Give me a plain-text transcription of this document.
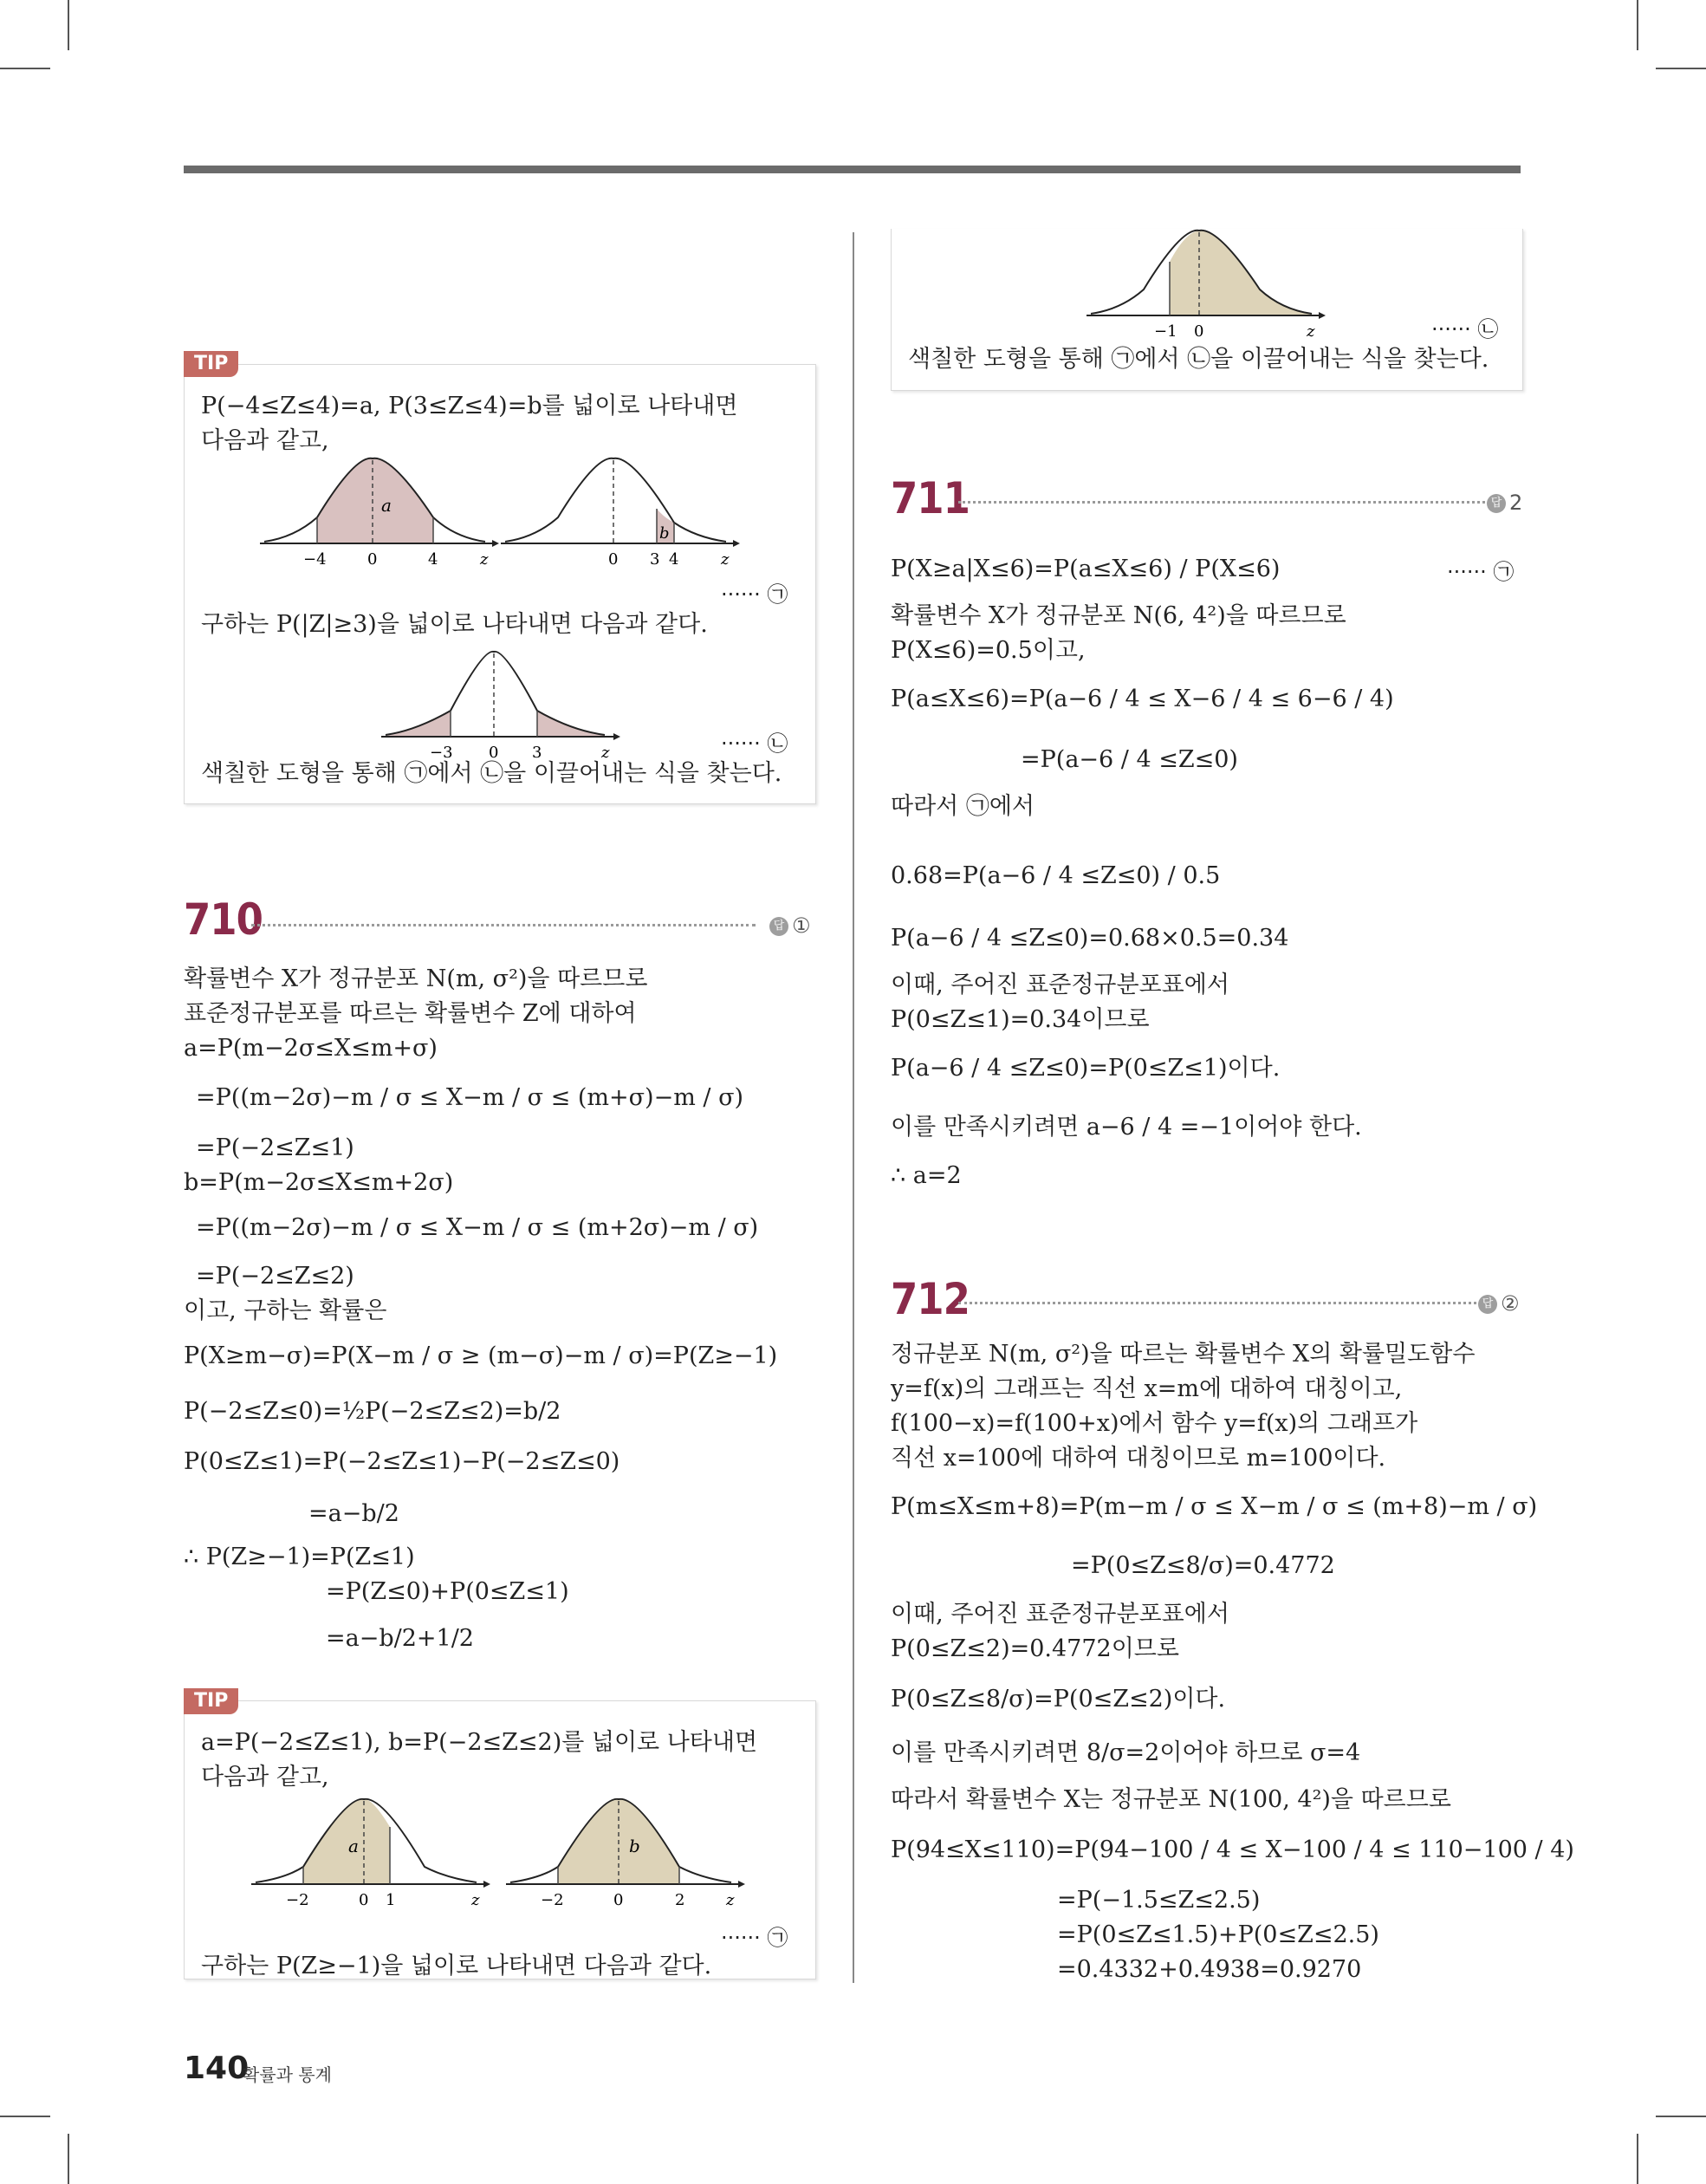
TIP
P(−4≤Z≤4)=a, P(3≤Z≤4)=b를 넓이로 나타내면
다음과 같고,
a
−4	0	4	z
b
0 3 4	z
······ ㉠
구하는 P(|Z|≥3)을 넓이로 나타내면 다음과 같다.
−3 0 3	z	······ ㉡
색칠한 도형을 통해 ㉠에서 ㉡을 이끌어내는 식을 찾는다.
710	답 ①
확률변수 X가 정규분포 N(m, σ²)을 따르므로
표준정규분포를 따르는 확률변수 Z에 대하여
a=P(m−2σ≤X≤m+σ)
=P((m−2σ)−m / σ ≤ X−m / σ ≤ (m+σ)−m / σ)
=P(−2≤Z≤1)
b=P(m−2σ≤X≤m+2σ)
=P((m−2σ)−m / σ ≤ X−m / σ ≤ (m+2σ)−m / σ)
=P(−2≤Z≤2)
이고, 구하는 확률은
P(X≥m−σ)=P(X−m / σ ≥ (m−σ)−m / σ)=P(Z≥−1)
P(−2≤Z≤0)=½P(−2≤Z≤2)=b/2
P(0≤Z≤1)=P(−2≤Z≤1)−P(−2≤Z≤0)
=a−b/2
∴ P(Z≥−1)=P(Z≤1)
=P(Z≤0)+P(0≤Z≤1)
=a−b/2+1/2
TIP
a=P(−2≤Z≤1), b=P(−2≤Z≤2)를 넓이로 나타내면
다음과 같고,
a
−2	0 1	z
b
−2	0	2	z
······ ㉠
구하는 P(Z≥−1)을 넓이로 나타내면 다음과 같다.
−1 0	z	······ ㉡
색칠한 도형을 통해 ㉠에서 ㉡을 이끌어내는 식을 찾는다.
711	답 2
P(X≥a|X≤6)=P(a≤X≤6) / P(X≤6)	······ ㉠
확률변수 X가 정규분포 N(6, 4²)을 따르므로
P(X≤6)=0.5이고,
P(a≤X≤6)=P(a−6 / 4 ≤ X−6 / 4 ≤ 6−6 / 4)
=P(a−6 / 4 ≤Z≤0)
따라서 ㉠에서
0.68=P(a−6 / 4 ≤Z≤0) / 0.5
P(a−6 / 4 ≤Z≤0)=0.68×0.5=0.34
이때, 주어진 표준정규분포표에서
P(0≤Z≤1)=0.34이므로
P(a−6 / 4 ≤Z≤0)=P(0≤Z≤1)이다.
이를 만족시키려면 a−6 / 4 =−1이어야 한다.
∴ a=2
712	답 ②
정규분포 N(m, σ²)을 따르는 확률변수 X의 확률밀도함수
y=f(x)의 그래프는 직선 x=m에 대하여 대칭이고,
f(100−x)=f(100+x)에서 함수 y=f(x)의 그래프가
직선 x=100에 대하여 대칭이므로 m=100이다.
P(m≤X≤m+8)=P(m−m / σ ≤ X−m / σ ≤ (m+8)−m / σ)
=P(0≤Z≤8/σ)=0.4772
이때, 주어진 표준정규분포표에서
P(0≤Z≤2)=0.4772이므로
P(0≤Z≤8/σ)=P(0≤Z≤2)이다.
이를 만족시키려면 8/σ=2이어야 하므로 σ=4
따라서 확률변수 X는 정규분포 N(100, 4²)을 따르므로
P(94≤X≤110)=P(94−100 / 4 ≤ X−100 / 4 ≤ 110−100 / 4)
=P(−1.5≤Z≤2.5)
=P(0≤Z≤1.5)+P(0≤Z≤2.5)
=0.4332+0.4938=0.9270
140
확률과 통계
